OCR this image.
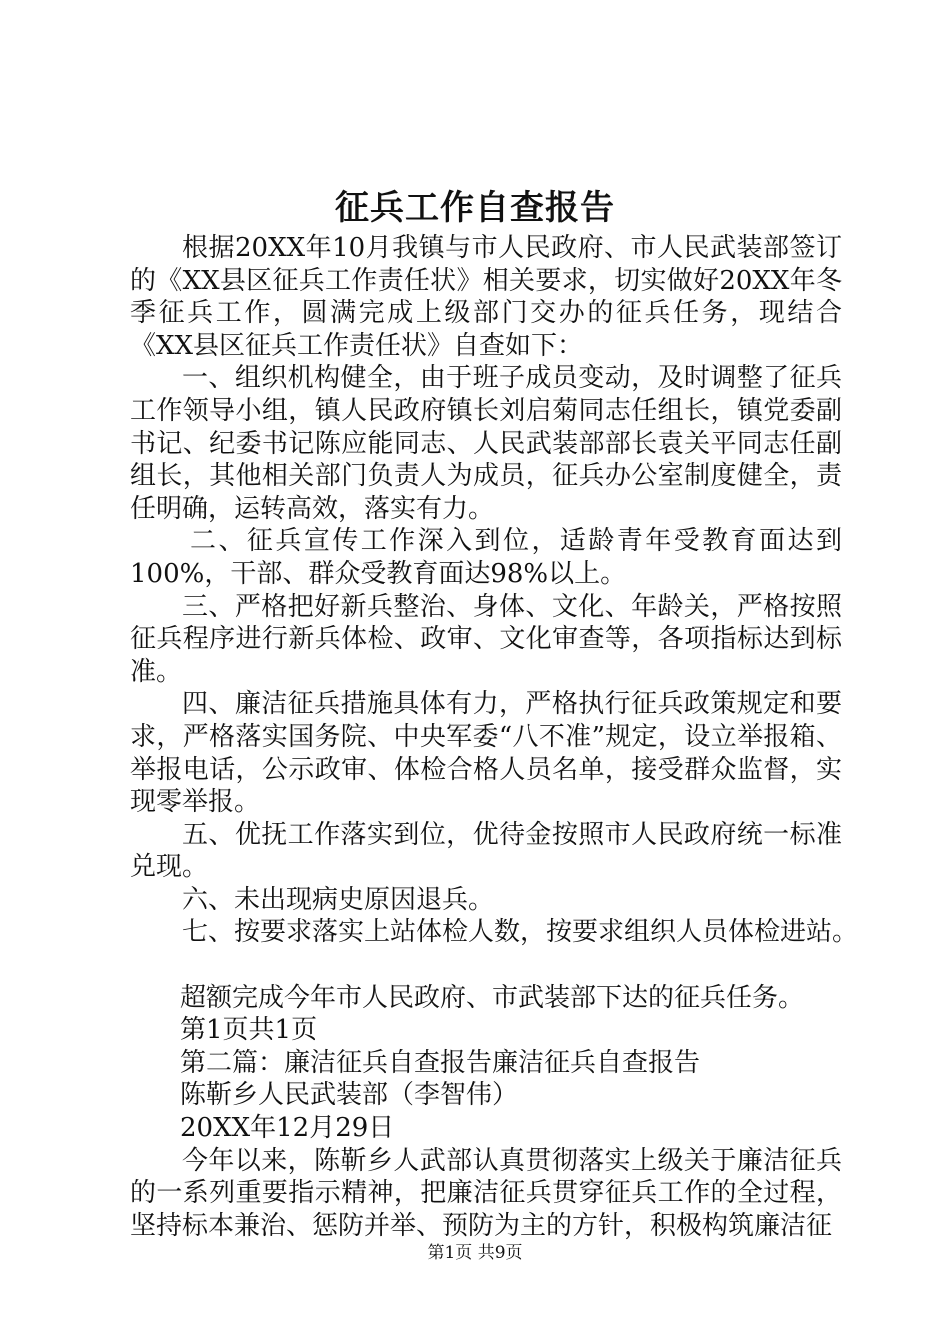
征兵工作自查报告

根据20XX年10月我镇与市人民政府、市人民武装部签订的《XX县区征兵工作责任状》相关要求，切实做好20XX年冬季征兵工作，圆满完成上级部门交办的征兵任务，现结合《XX县区征兵工作责任状》自查如下：

一、组织机构健全，由于班子成员变动，及时调整了征兵工作领导小组，镇人民政府镇长刘启菊同志任组长，镇党委副书记、纪委书记陈应能同志、人民武装部部长袁关平同志任副组长，其他相关部门负责人为成员，征兵办公室制度健全，责任明确，运转高效，落实有力。

二、征兵宣传工作深入到位，适龄青年受教育面达到100%，干部、群众受教育面达98%以上。

三、严格把好新兵整治、身体、文化、年龄关，严格按照征兵程序进行新兵体检、政审、文化审查等，各项指标达到标准。

四、廉洁征兵措施具体有力，严格执行征兵政策规定和要求，严格落实国务院、中央军委“八不准”规定，设立举报箱、举报电话，公示政审、体检合格人员名单，接受群众监督，实现零举报。

五、优抚工作落实到位，优待金按照市人民政府统一标准兑现。

六、未出现病史原因退兵。

七、按要求落实上站体检人数，按要求组织人员体检进站。

超额完成今年市人民政府、市武装部下达的征兵任务。

第1页共1页

第二篇：廉洁征兵自查报告廉洁征兵自查报告

陈靳乡人民武装部（李智伟）

20XX年12月29日

今年以来，陈靳乡人武部认真贯彻落实上级关于廉洁征兵的一系列重要指示精神，把廉洁征兵贯穿征兵工作的全过程，坚持标本兼治、惩防并举、预防为主的方针，积极构筑廉洁征

第1页 共9页
